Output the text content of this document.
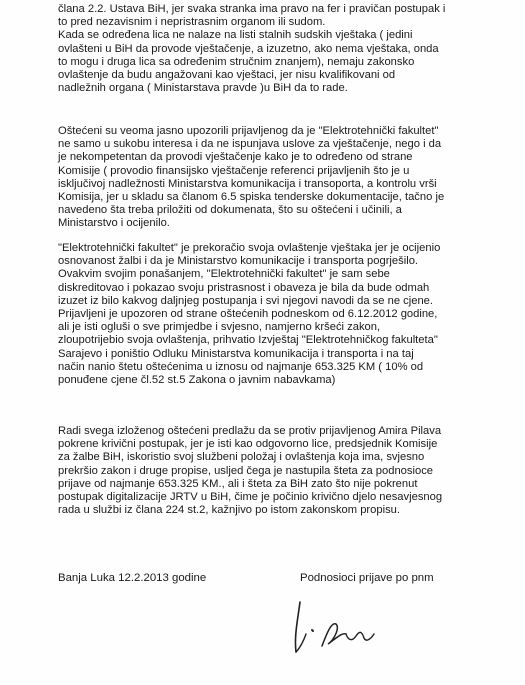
člana 2.2. Ustava BiH, jer svaka stranka ima pravo na fer i pravičan postupak i
to pred nezavisnim i nepristrasnim organom ili sudom.
Kada se određena lica ne nalaze na listi stalnih sudskih vještaka ( jedini
ovlašteni u BiH da provode vještačenje, a izuzetno, ako nema vještaka, onda
to mogu i druga lica sa određenim stručnim znanjem), nemaju zakonsko
ovlaštenje da budu angažovani kao vještaci, jer nisu kvalifikovani od
nadležnih organa ( Ministarstava pravde )u BiH da to rade.
Oštećeni su veoma jasno upozorili prijavljenog da je "Elektrotehnički fakultet"
ne samo u sukobu interesa i da ne ispunjava uslove za vještačenje, nego i da
je nekompetentan da provodi vještačenje kako je to određeno od strane
Komisije ( provodio finansijsko vještačenje referenci prijavljenih što je u
isključivoj nadležnosti Ministarstva komunikacija i transoporta, a kontrolu vrši
Komisija, jer u skladu sa članom 6.5 spiska tenderske dokumentacije, tačno je
navedeno šta treba priložiti od dokumenata, što su oštećeni i učinili, a
Ministarstvo i ocijenilo.
"Elektrotehnički fakultet" je prekoračio svoja ovlaštenje vještaka jer je ocijenio
osnovanost žalbi i da je Ministarstvo komunikacije i transporta pogrješilo.
Ovakvim svojim ponašanjem, "Elektrotehnički fakultet" je sam sebe
diskreditovao i pokazao svoju pristrasnost i obaveza je bila da bude odmah
izuzet iz bilo kakvog daljnjeg postupanja i svi njegovi navodi da se ne cjene.
Prijavljeni je upozoren od strane oštećenih podneskom od 6.12.2012 godine,
ali je isti ogluši o sve primjedbe i svjesno, namjerno kršeći zakon,
zloupotrijebio svoja ovlaštenja, prihvatio Izvještaj "Elektrotehničkog fakulteta"
Sarajevo i poništio Odluku Ministarstva komunikacija i transporta i na taj
način nanio štetu oštećenima u iznosu od najmanje 653.325 KM ( 10% od
ponuđene cjene čl.52 st.5 Zakona o javnim nabavkama)
Radi svega izloženog oštećeni predlažu da se protiv prijavljenog Amira Pilava
pokrene krivični postupak, jer je isti kao odgovorno lice, predsjednik Komisije
za žalbe BiH, iskoristio svoj službeni položaj i ovlaštenja koja ima, svjesno
prekršio zakon i druge propise, usljed čega je nastupila šteta za podnosioce
prijave od najmanje 653.325 KM., ali i šteta za BiH zato što nije pokrenut
postupak digitalizacije JRTV u BiH, čime je počinio krivično djelo nesavjesnog
rada u službi iz člana 224 st.2, kažnjivo po istom zakonskom propisu.
Banja Luka 12.2.2013 godine	Podnosioci prijave po pnm
